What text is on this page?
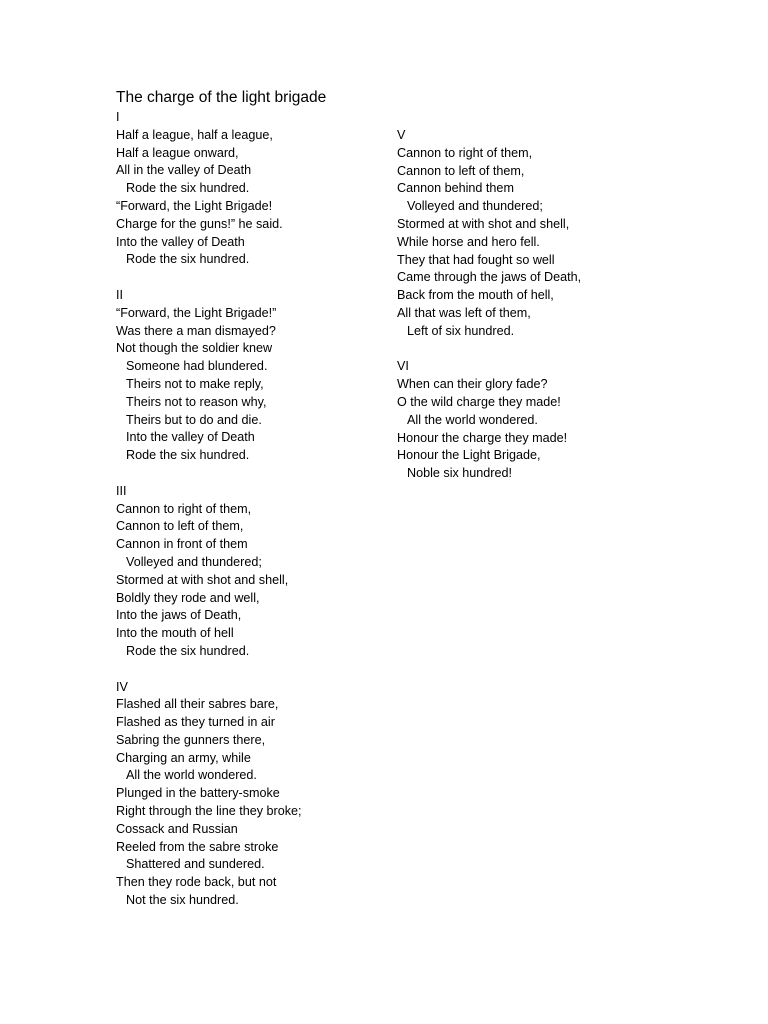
The charge of the light brigade
I
Half a league, half a league,
Half a league onward,
All in the valley of Death
Rode the six hundred.
“Forward, the Light Brigade!
Charge for the guns!” he said.
Into the valley of Death
Rode the six hundred.
II
“Forward, the Light Brigade!”
Was there a man dismayed?
Not though the soldier knew
Someone had blundered.
Theirs not to make reply,
Theirs not to reason why,
Theirs but to do and die.
Into the valley of Death
Rode the six hundred.
III
Cannon to right of them,
Cannon to left of them,
Cannon in front of them
Volleyed and thundered;
Stormed at with shot and shell,
Boldly they rode and well,
Into the jaws of Death,
Into the mouth of hell
Rode the six hundred.
IV
Flashed all their sabres bare,
Flashed as they turned in air
Sabring the gunners there,
Charging an army, while
All the world wondered.
Plunged in the battery-smoke
Right through the line they broke;
Cossack and Russian
Reeled from the sabre stroke
Shattered and sundered.
Then they rode back, but not
Not the six hundred.
V
Cannon to right of them,
Cannon to left of them,
Cannon behind them
Volleyed and thundered;
Stormed at with shot and shell,
While horse and hero fell.
They that had fought so well
Came through the jaws of Death,
Back from the mouth of hell,
All that was left of them,
Left of six hundred.
VI
When can their glory fade?
O the wild charge they made!
All the world wondered.
Honour the charge they made!
Honour the Light Brigade,
Noble six hundred!
